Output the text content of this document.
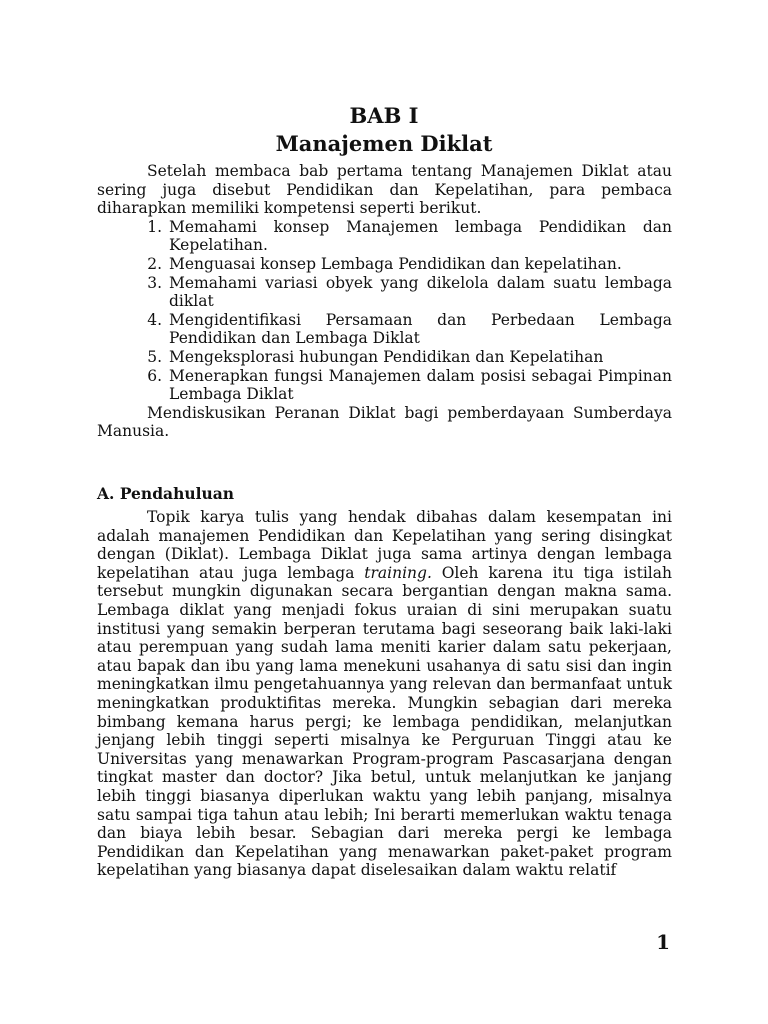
BAB I
Manajemen Diklat

Setelah membaca bab pertama tentang Manajemen Diklat atau sering juga disebut Pendidikan dan Kepelatihan, para pembaca diharapkan memiliki kompetensi seperti berikut.

1. Memahami konsep Manajemen lembaga Pendidikan dan Kepelatihan.
2. Menguasai konsep Lembaga Pendidikan dan kepelatihan.
3. Memahami variasi obyek yang dikelola dalam suatu lembaga diklat
4. Mengidentifikasi Persamaan dan Perbedaan Lembaga Pendidikan dan Lembaga Diklat
5. Mengeksplorasi hubungan Pendidikan dan Kepelatihan
6. Menerapkan fungsi Manajemen dalam posisi sebagai Pimpinan Lembaga Diklat

Mendiskusikan Peranan Diklat bagi pemberdayaan Sumberdaya Manusia.

A. Pendahuluan

Topik karya tulis yang hendak dibahas dalam kesempatan ini adalah manajemen Pendidikan dan Kepelatihan yang sering disingkat dengan (Diklat). Lembaga Diklat juga sama artinya dengan lembaga kepelatihan atau juga lembaga training. Oleh karena itu tiga istilah tersebut mungkin digunakan secara bergantian dengan makna sama. Lembaga diklat yang menjadi fokus uraian di sini merupakan suatu institusi yang semakin berperan terutama bagi seseorang baik laki-laki atau perempuan yang sudah lama meniti karier dalam satu pekerjaan, atau bapak dan ibu yang lama menekuni usahanya di satu sisi dan ingin meningkatkan ilmu pengetahuannya yang relevan dan bermanfaat untuk meningkatkan produktifitas mereka. Mungkin sebagian dari mereka bimbang kemana harus pergi; ke lembaga pendidikan, melanjutkan jenjang lebih tinggi seperti misalnya ke Perguruan Tinggi atau ke Universitas yang menawarkan Program-program Pascasarjana dengan tingkat master dan doctor? Jika betul, untuk melanjutkan ke janjang lebih tinggi biasanya diperlukan waktu yang lebih panjang, misalnya satu sampai tiga tahun atau lebih; Ini berarti memerlukan waktu tenaga dan biaya lebih besar. Sebagian dari mereka pergi ke lembaga Pendidikan dan Kepelatihan yang menawarkan paket-paket program kepelatihan yang biasanya dapat diselesaikan dalam waktu relatif

1
